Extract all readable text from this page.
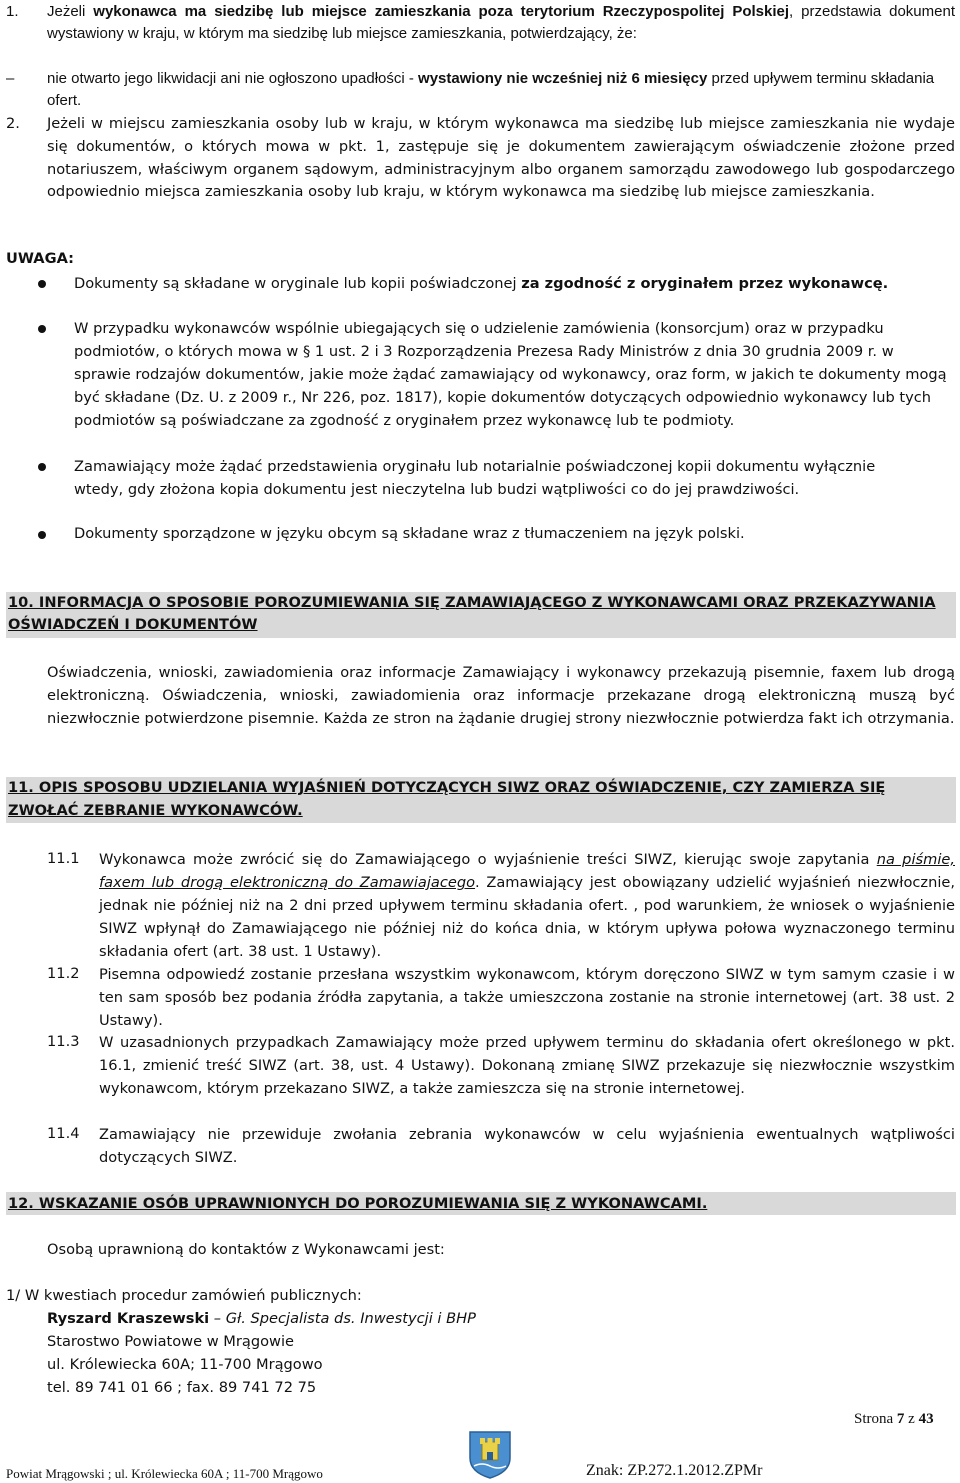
1. Jeżeli wykonawca ma siedzibę lub miejsce zamieszkania poza terytorium Rzeczypospolitej Polskiej, przedstawia dokument wystawiony w kraju, w którym ma siedzibę lub miejsce zamieszkania, potwierdzający, że:
– nie otwarto jego likwidacji ani nie ogłoszono upadłości - wystawiony nie wcześniej niż 6 miesięcy przed upływem terminu składania ofert.
2. Jeżeli w miejscu zamieszkania osoby lub w kraju, w którym wykonawca ma siedzibę lub miejsce zamieszkania nie wydaje się dokumentów, o których mowa w pkt. 1, zastępuje się je dokumentem zawierającym oświadczenie złożone przed notariuszem, właściwym organem sądowym, administracyjnym albo organem samorządu zawodowego lub gospodarczego odpowiednio miejsca zamieszkania osoby lub kraju, w którym wykonawca ma siedzibę lub miejsce zamieszkania.
UWAGA:
Dokumenty są składane w oryginale lub kopii poświadczonej za zgodność z oryginałem przez wykonawcę.
W przypadku wykonawców wspólnie ubiegających się o udzielenie zamówienia (konsorcjum) oraz w przypadku podmiotów, o których mowa w § 1 ust. 2 i 3 Rozporządzenia Prezesa Rady Ministrów z dnia 30 grudnia 2009 r. w sprawie rodzajów dokumentów, jakie może żądać zamawiający od wykonawcy, oraz form, w jakich te dokumenty mogą być składane (Dz. U. z 2009 r., Nr 226, poz. 1817), kopie dokumentów dotyczących odpowiednio wykonawcy lub tych podmiotów są poświadczane za zgodność z oryginałem przez wykonawcę lub te podmioty.
Zamawiający może żądać przedstawienia oryginału lub notarialnie poświadczonej kopii dokumentu wyłącznie wtedy, gdy złożona kopia dokumentu jest nieczytelna lub budzi wątpliwości co do jej prawdziwości.
Dokumenty sporządzone w języku obcym są składane wraz z tłumaczeniem na język polski.
10. INFORMACJA O SPOSOBIE POROZUMIEWANIA SIĘ ZAMAWIAJĄCEGO Z WYKONAWCAMI ORAZ PRZEKAZYWANIA OŚWIADCZEŃ I DOKUMENTÓW
Oświadczenia, wnioski, zawiadomienia oraz informacje Zamawiający i wykonawcy przekazują pisemnie, faxem lub drogą elektroniczną. Oświadczenia, wnioski, zawiadomienia oraz informacje przekazane drogą elektroniczną muszą być niezwłocznie potwierdzone pisemnie. Każda ze stron na żądanie drugiej strony niezwłocznie potwierdza fakt ich otrzymania.
11. OPIS SPOSOBU UDZIELANIA WYJAŚNIEŃ DOTYCZĄCYCH SIWZ ORAZ OŚWIADCZENIE, CZY ZAMIERZA SIĘ ZWOŁAĆ ZEBRANIE WYKONAWCÓW.
11.1 Wykonawca może zwrócić się do Zamawiającego o wyjaśnienie treści SIWZ, kierując swoje zapytania na piśmie, faxem lub drogą elektroniczną do Zamawiajacego. Zamawiający jest obowiązany udzielić wyjaśnień niezwłocznie, jednak nie później niż na 2 dni przed upływem terminu składania ofert. , pod warunkiem, że wniosek o wyjaśnienie SIWZ wpłynął do Zamawiającego nie później niż do końca dnia, w którym upływa połowa wyznaczonego terminu składania ofert (art. 38 ust. 1 Ustawy).
11.2 Pisemna odpowiedź zostanie przesłana wszystkim wykonawcom, którym doręczono SIWZ w tym samym czasie i w ten sam sposób bez podania źródła zapytania, a także umieszczona zostanie na stronie internetowej (art. 38 ust. 2 Ustawy).
11.3 W uzasadnionych przypadkach Zamawiający może przed upływem terminu do składania ofert określonego w pkt. 16.1, zmienić treść SIWZ (art. 38, ust. 4 Ustawy). Dokonaną zmianę SIWZ przekazuje się niezwłocznie wszystkim wykonawcom, którym przekazano SIWZ, a także zamieszcza się na stronie internetowej.
11.4 Zamawiający nie przewiduje zwołania zebrania wykonawców w celu wyjaśnienia ewentualnych wątpliwości dotyczących SIWZ.
12. WSKAZANIE OSÓB UPRAWNIONYCH DO POROZUMIEWANIA SIĘ Z WYKONAWCAMI.
Osobą uprawnioną do kontaktów z Wykonawcami jest:
1/ W kwestiach procedur zamówień publicznych:
Ryszard Kraszewski – Gł. Specjalista ds. Inwestycji i BHP
Starostwo Powiatowe w Mrągowie
ul. Królewiecka 60A; 11-700 Mrągowo
tel. 89 741 01 66 ; fax. 89 741 72 75
Strona 7 z 43
Powiat Mrągowski ; ul. Królewiecka 60A ; 11-700 Mrągowo	Znak: ZP.272.1.2012.ZPMr
